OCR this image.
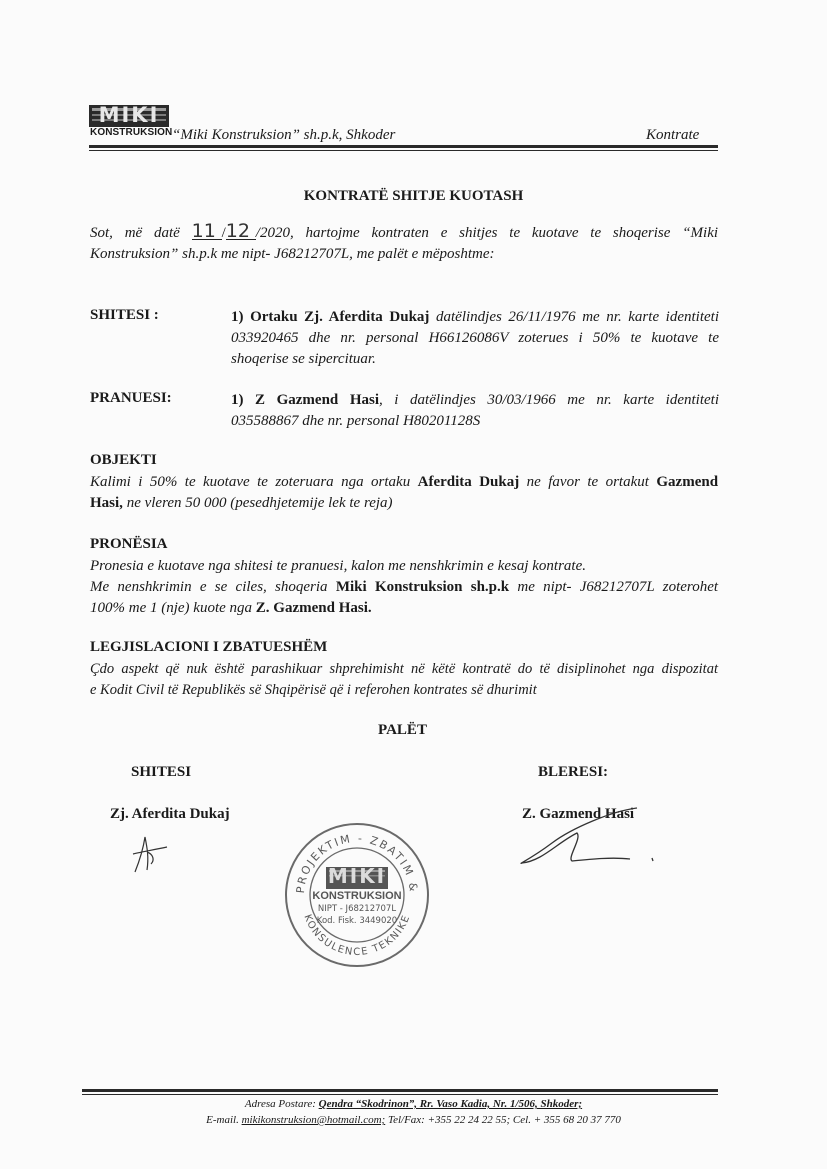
MIKI
KONSTRUKSION “Miki Konstruksion” sh.p.k, Shkoder	Kontrate
KONTRATË SHITJE KUOTASH
Sot, më datë 11 /12 /2020, hartojme kontraten e shitjes te kuotave te shoqerise “Miki
Konstruksion” sh.p.k me nipt- J68212707L, me palët e mëposhtme:
SHITESI :	1) Ortaku Zj. Aferdita Dukaj datëlindjes 26/11/1976 me nr. karte identiteti
033920465 dhe nr. personal H66126086V zoterues i 50% te kuotave te
shoqerise se sipercituar.
PRANUESI:	1) Z Gazmend Hasi, i datëlindjes 30/03/1966 me nr. karte identiteti
035588867 dhe nr. personal H80201128S
OBJEKTI
Kalimi i 50% te kuotave te zoteruara nga ortaku Aferdita Dukaj ne favor te ortakut Gazmend
Hasi, ne vleren 50 000 (pesedhjetemije lek te reja)
PRONËSIA
Pronesia e kuotave nga shitesi te pranuesi, kalon me nenshkrimin e kesaj kontrate.
Me nenshkrimin e se ciles, shoqeria Miki Konstruksion sh.p.k me nipt- J68212707L zoterohet
100% me 1 (nje) kuote nga Z. Gazmend Hasi.
LEGJISLACIONI I ZBATUESHËM
Çdo aspekt që nuk është parashikuar shprehimisht në këtë kontratë do të disiplinohet nga dispozitat
e Kodit Civil të Republikës së Shqipërisë që i referohen kontrates së dhurimit
PALËT
SHITESI
Zj. Aferdita Dukaj
BLERESI:
Z. Gazmend Hasi
PROJEKTIM - ZBATIM &
KONSULENCE TEKNIKE
MIKI
KONSTRUKSION
NIPT - J68212707L
Kod. Fisk. 3449020
Adresa Postare: Qendra “Skodrinon”, Rr. Vaso Kadia, Nr. 1/506, Shkoder;
E-mail. mikikonstruksion@hotmail.com; Tel/Fax: +355 22 24 22 55; Cel. + 355 68 20 37 770
